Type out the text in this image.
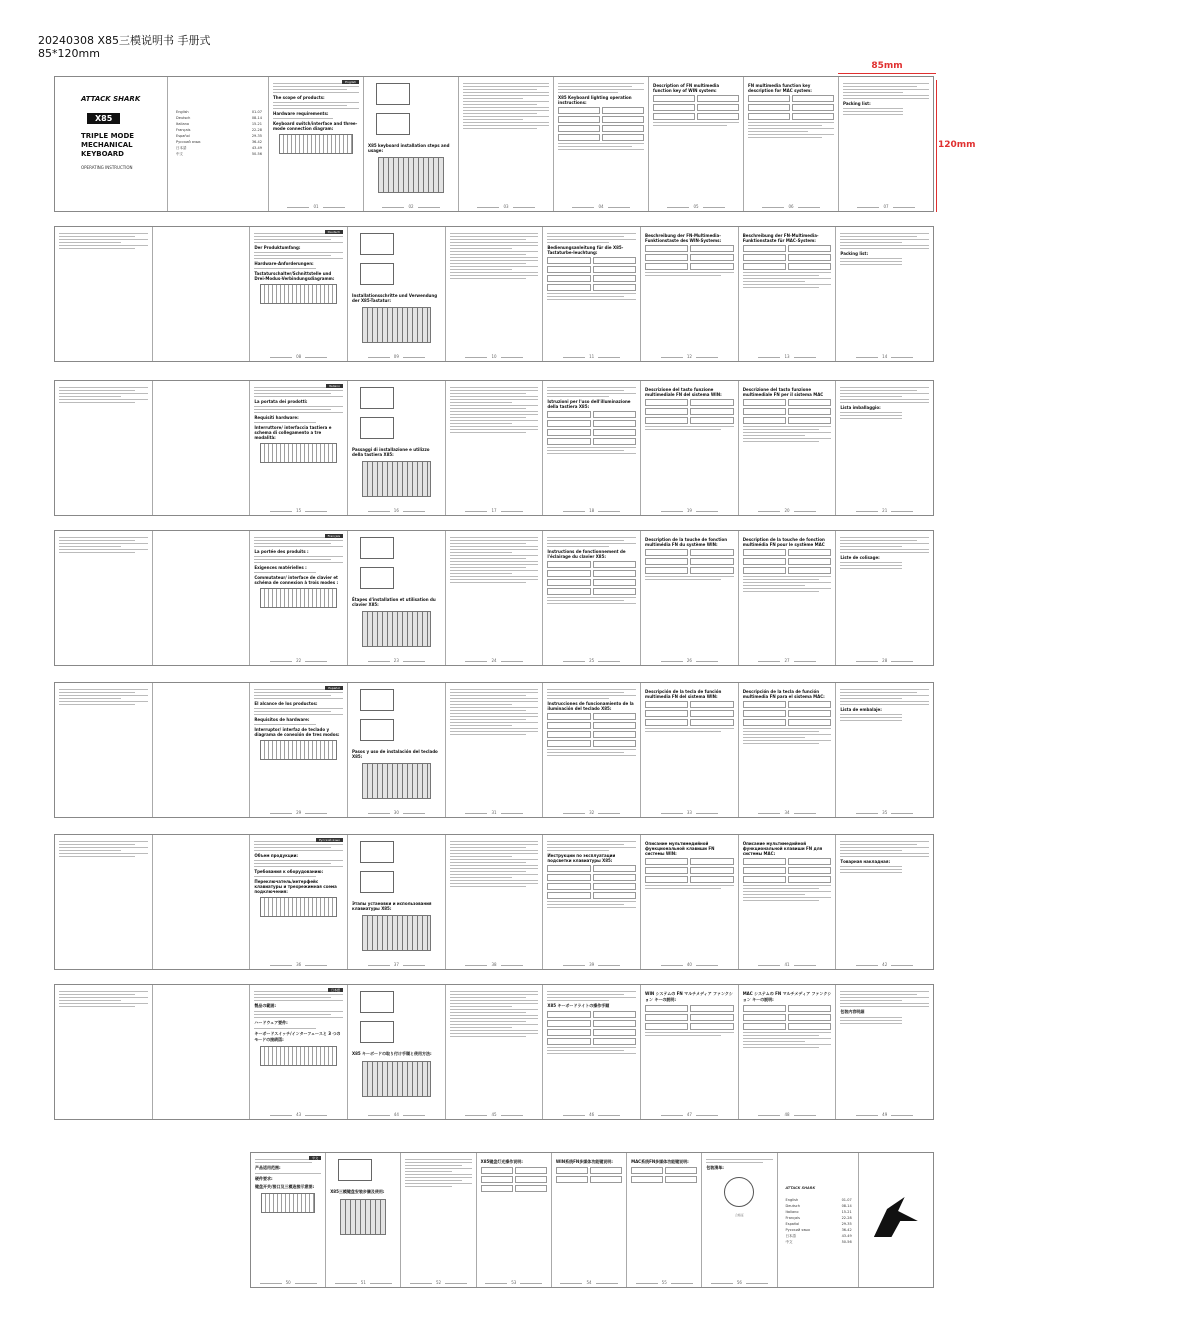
20240308 X85三模说明书 手册式
85*120mm
85mm
120mm
ATTACK SHARK
X85
TRIPLE MODE
MECHANICAL KEYBOARD
OPERATING INSTRUCTION
English	01-07
Deutsch	08-14
Italiano	15-21
Français	22-28
Español	29-35
Русский язык	36-42
日本語	43-49
中文	50-56
English
The scope of products:
Hardware requirements:
Keyboard switch/interface and three-mode connection diagram:
01

X85 keyboard installation steps and usage:
02	03
X85 Keyboard lighting operation instructions:
04
Description of FN multimedia function key of WIN system:
05
FN multimedia function key description for MAC system:
06
Packing list:
07
Deutsch
Der Produktumfang:
Hardware-Anforderungen:
Tastaturschalter/Schnittstelle und Drei-Modus-Verbindungsdiagramm:
08

Installationsschritte und Verwendung der X85-Tastatur:
09	10
Bedienungsanleitung für die X85-Tastaturbe-leuchtung:
11
Beschreibung der FN-Multimedia-Funktionstaste des WIN-Systems:
12
Beschreibung der FN-Multimedia-Funktionstaste für MAC-System:
13
Packing list:
14
Italiano
La portata dei prodotti:
Requisiti hardware:
Interruttore/ interfaccia tastiera e schema di collegamento a tre modalità:
15

Passaggi di installazione e utilizzo della tastiera X85:
16	17
Istruzioni per l'uso dell'illuminazione della tastiera X85:
18
Descrizione del tasto funzione multimediale FN del sistema WIN:
19
Descrizione del tasto funzione multimediale FN per il sistema MAC
20
Lista imballaggio:
21
Français
La portée des produits :
Exigences matérielles :
Commutateur/ interface de clavier et schéma de connexion à trois modes :
22

Étapes d'installation et utilisation du clavier X85:
23	24
Instructions de fonctionnement de l'éclairage du clavier X85:
25
Description de la touche de fonction multimédia FN du système WIN:
26
Description de la touche de fonction multimédia FN pour le système MAC
27
Liste de colisage:
28
Español
El alcance de los productos:
Requisitos de hardware:
Interruptor/ interfaz de teclado y diagrama de conexión de tres modos:
29

Pasos y uso de instalación del teclado X85:
30	31
Instrucciones de funcionamiento de la iluminación del teclado X85:
32
Descripción de la tecla de función multimedia FN del sistema WIN:
33
Descripción de la tecla de función multimedia FN para el sistema MAC:
34
Lista de embalaje:
35
Русский язык
Объем продукции:
Требования к оборудованию:
Переключатель/интерфейс клавиатуры и трехрежимная схема подключения:
36

Этапы установки и использования клавиатуры X85:
37	38
Инструкции по эксплуатации подсветки клавиатуры X85:
39
Описание мультимедийной функциональной клавиши FN системы WIN:
40
Описание мультимедийной функциональной клавиши FN для системы MAC:
41
Товарная накладная:
42
日本語
製品の範囲:
ハードウェア要件:
キーボードスイッチ/インターフェースと 3 つのモードの接続図:
43

X85 キーボードの取り付け手順と使用方法:
44	45
X85 キーボードライトの操作手順
46
WIN システムの FN マルチメディア ファンクション キーの説明:
47
MAC システムの FN マルチメディア ファンクション キーの説明:
48
包装内容明細
49
中文
产品适用范围:
硬件要求:
键盘开关/接口及三模连接示意图:
50
X85三模键盘安装步骤及使用:
51	52
X85键盘灯光操作说明:
53
WIN系统FN多媒体功能键说明:
54
MAC系统FN多媒体功能键说明:
55
包装清单:
合格证
56
ATTACK SHARK
English	01-07
Deutsch	08-14
Italiano	15-21
Français	22-28
Español	29-35
Русский язык	36-42
日本語	43-49
中文	50-56
